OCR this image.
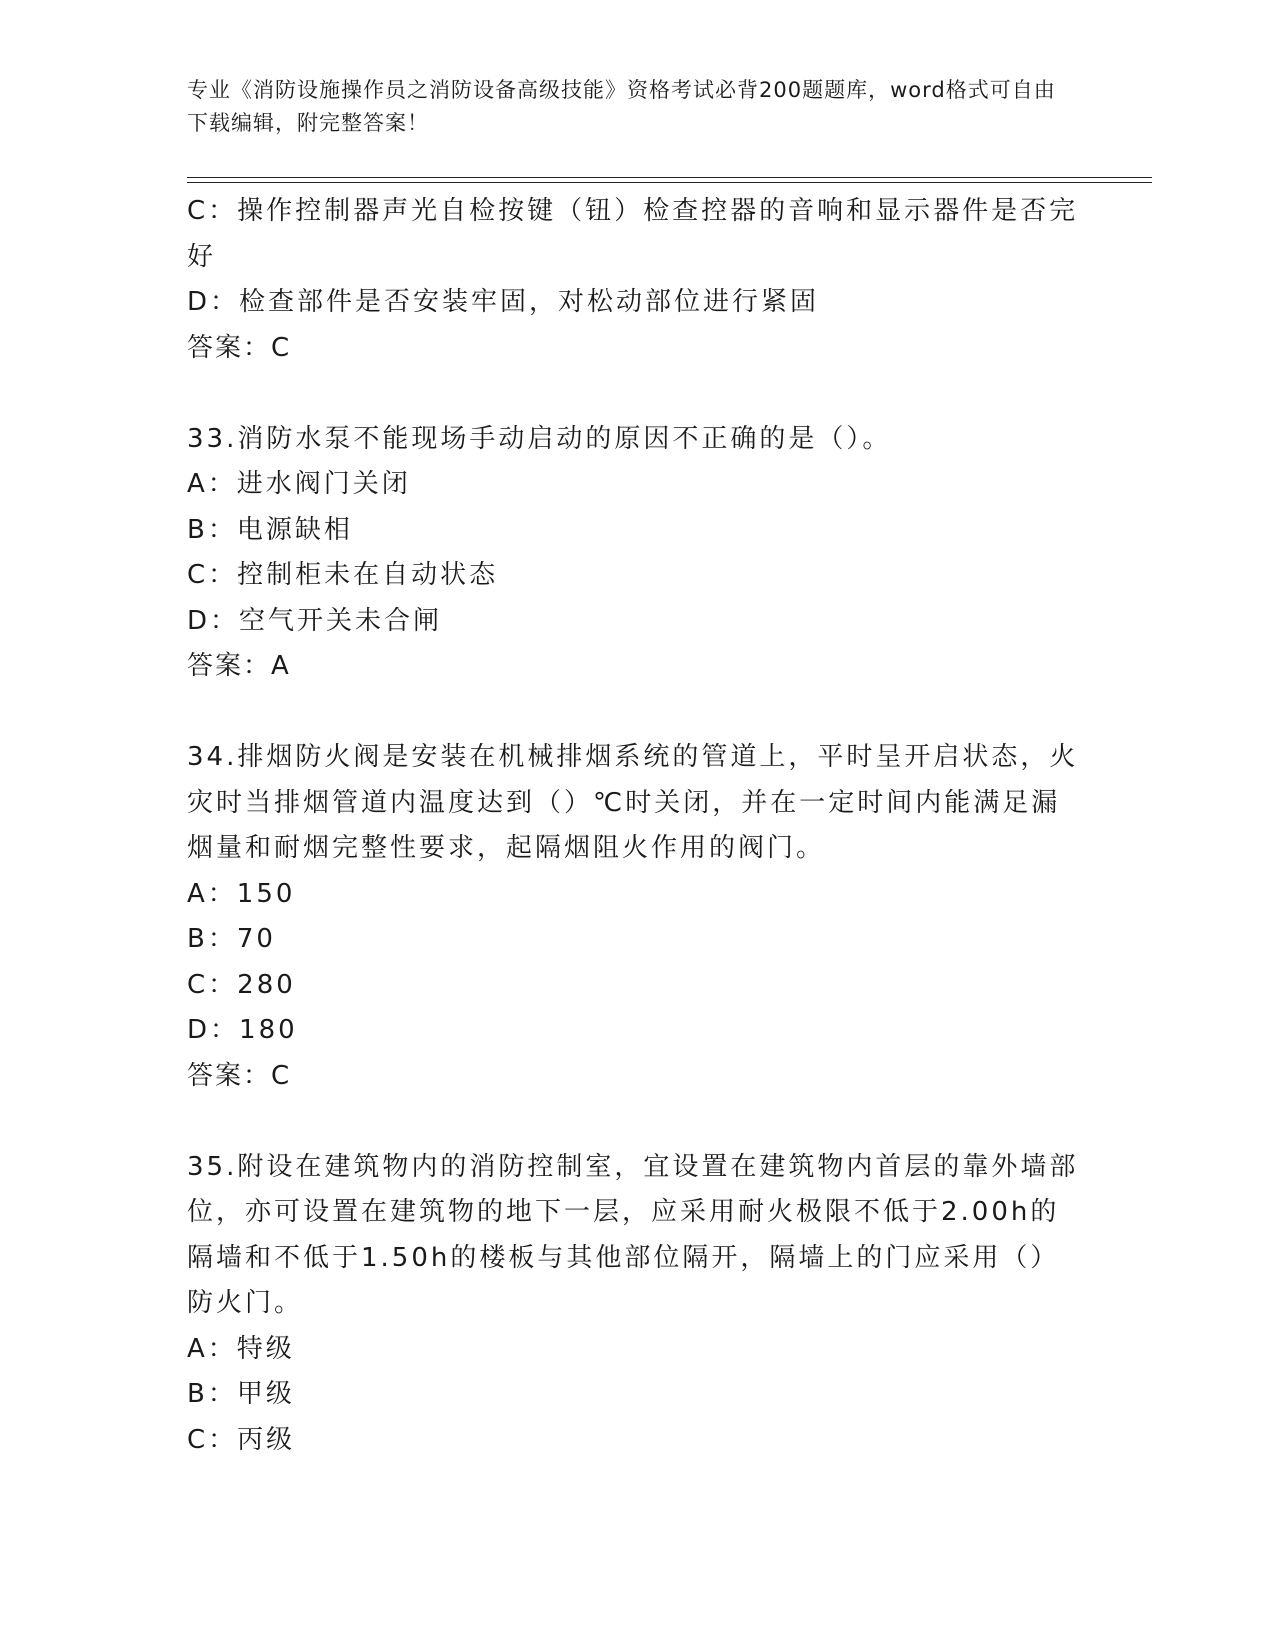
专业《消防设施操作员之消防设备高级技能》资格考试必背200题题库，word格式可自由下载编辑，附完整答案！

C：操作控制器声光自检按键（钮）检查控器的音响和显示器件是否完好

D：检查部件是否安装牢固，对松动部位进行紧固

答案：C

33.消防水泵不能现场手动启动的原因不正确的是（）。

A：进水阀门关闭

B：电源缺相

C：控制柜未在自动状态

D：空气开关未合闸

答案：A

34.排烟防火阀是安装在机械排烟系统的管道上，平时呈开启状态，火灾时当排烟管道内温度达到（）℃时关闭，并在一定时间内能满足漏烟量和耐烟完整性要求，起隔烟阻火作用的阀门。

A：150

B：70

C：280

D：180

答案：C

35.附设在建筑物内的消防控制室，宜设置在建筑物内首层的靠外墙部位，亦可设置在建筑物的地下一层，应采用耐火极限不低于2.00h的隔墙和不低于1.50h的楼板与其他部位隔开，隔墙上的门应采用（）防火门。

A：特级

B：甲级

C：丙级
